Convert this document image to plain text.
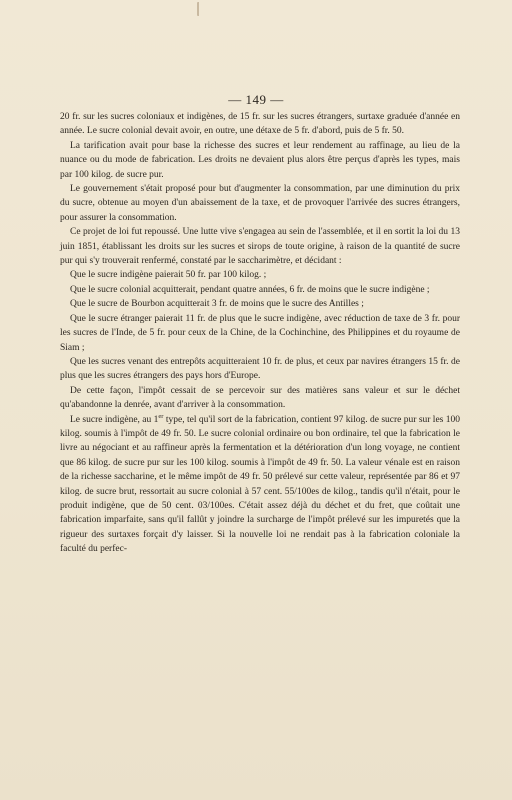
— 149 —

20 fr. sur les sucres coloniaux et indigènes, de 15 fr. sur les sucres étrangers, surtaxe graduée d'année en année. Le sucre colonial devait avoir, en outre, une détaxe de 5 fr. d'abord, puis de 5 fr. 50.

La tarification avait pour base la richesse des sucres et leur rendement au raffinage, au lieu de la nuance ou du mode de fabrication. Les droits ne devaient plus alors être perçus d'après les types, mais par 100 kilog. de sucre pur.

Le gouvernement s'était proposé pour but d'augmenter la consommation, par une diminution du prix du sucre, obtenue au moyen d'un abaissement de la taxe, et de provoquer l'arrivée des sucres étrangers, pour assurer la consommation.

Ce projet de loi fut repoussé. Une lutte vive s'engagea au sein de l'assemblée, et il en sortit la loi du 13 juin 1851, établissant les droits sur les sucres et sirops de toute origine, à raison de la quantité de sucre pur qui s'y trouverait renfermé, constaté par le saccharimètre, et décidant :

Que le sucre indigène paierait 50 fr. par 100 kilog. ;

Que le sucre colonial acquitterait, pendant quatre années, 6 fr. de moins que le sucre indigène ;

Que le sucre de Bourbon acquitterait 3 fr. de moins que le sucre des Antilles ;

Que le sucre étranger paierait 11 fr. de plus que le sucre indigène, avec réduction de taxe de 3 fr. pour les sucres de l'Inde, de 5 fr. pour ceux de la Chine, de la Cochinchine, des Philippines et du royaume de Siam ;

Que les sucres venant des entrepôts acquitteraient 10 fr. de plus, et ceux par navires étrangers 15 fr. de plus que les sucres étrangers des pays hors d'Europe.

De cette façon, l'impôt cessait de se percevoir sur des matières sans valeur et sur le déchet qu'abandonne la denrée, avant d'arriver à la consommation.

Le sucre indigène, au 1er type, tel qu'il sort de la fabrication, contient 97 kilog. de sucre pur sur les 100 kilog. soumis à l'impôt de 49 fr. 50. Le sucre colonial ordinaire ou bon ordinaire, tel que la fabrication le livre au négociant et au raffineur après la fermentation et la détérioration d'un long voyage, ne contient que 86 kilog. de sucre pur sur les 100 kilog. soumis à l'impôt de 49 fr. 50. La valeur vénale est en raison de la richesse saccharine, et le même impôt de 49 fr. 50 prélevé sur cette valeur, représentée par 86 et 97 kilog. de sucre brut, ressortait au sucre colonial à 57 cent. 55/100es de kilog., tandis qu'il n'était, pour le produit indigène, que de 50 cent. 03/100es. C'était assez déjà du déchet et du fret, que coûtait une fabrication imparfaite, sans qu'il fallût y joindre la surcharge de l'impôt prélevé sur les impuretés que la rigueur des surtaxes forçait d'y laisser. Si la nouvelle loi ne rendait pas à la fabrication coloniale la faculté du perfec-
